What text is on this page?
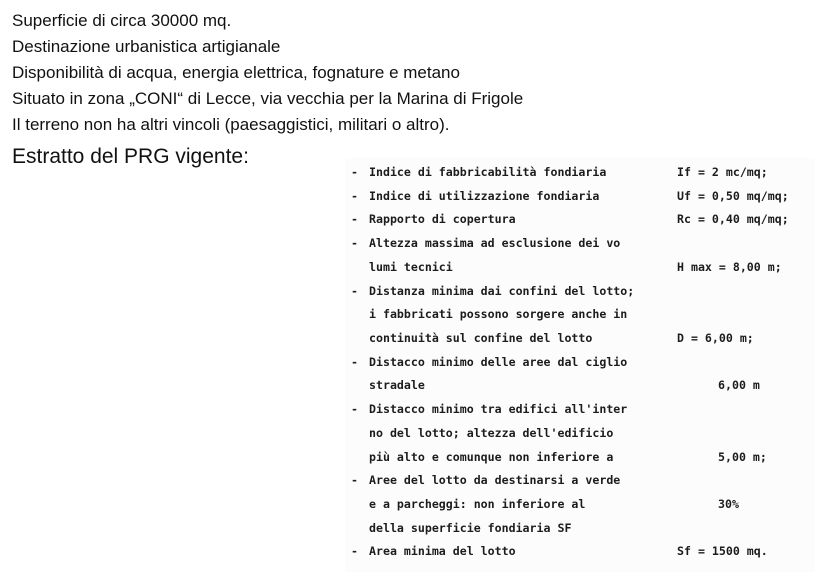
Superficie di circa 30000 mq.
Destinazione urbanistica artigianale
Disponibilità di acqua, energia elettrica, fognature e metano
Situato in zona „CONI“ di Lecce, via vecchia per la Marina di Frigole
Il terreno non ha altri vincoli (paesaggistici, militari o altro).
Estratto del PRG vigente:
- Indice di fabbricabilità fondiaria	If = 2 mc/mq;
- Indice di utilizzazione fondiaria	Uf = 0,50 mq/mq;
- Rapporto di copertura	Rc = 0,40 mq/mq;
- Altezza massima ad esclusione dei vo
lumi tecnici	H max = 8,00 m;
- Distanza minima dai confini del lotto;
i fabbricati possono sorgere anche in
continuità sul confine del lotto	D = 6,00 m;
- Distacco minimo delle aree dal ciglio
stradale	6,00 m
- Distacco minimo tra edifici all'inter
no del lotto; altezza dell'edificio
più alto e comunque non inferiore a	5,00 m;
- Aree del lotto da destinarsi a verde
e a parcheggi: non inferiore al	30%
della superficie fondiaria SF
- Area minima del lotto	Sf = 1500 mq.
